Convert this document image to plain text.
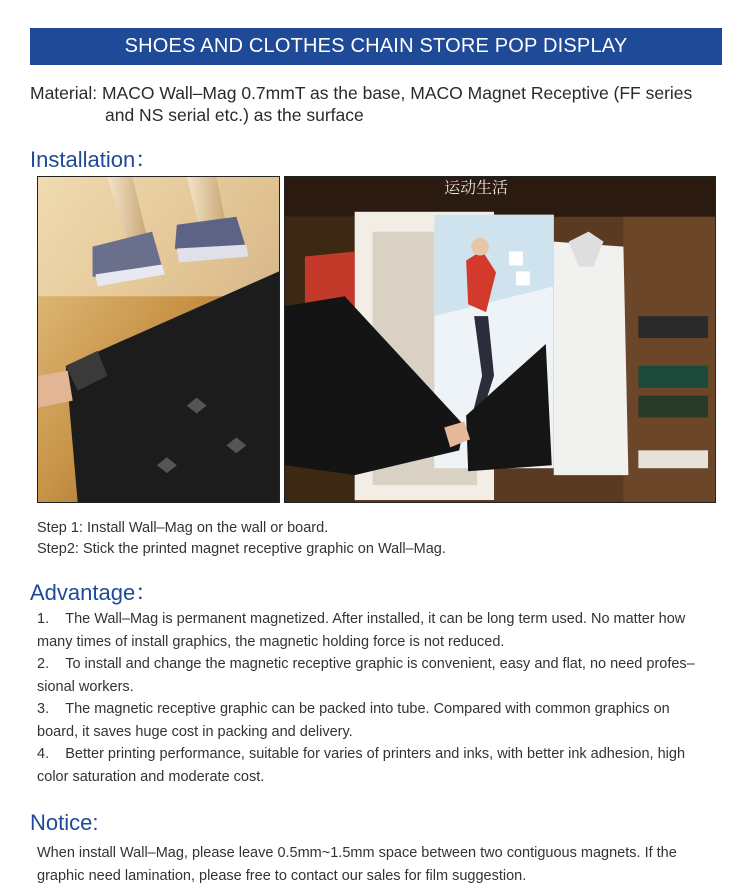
SHOES AND CLOTHES CHAIN STORE POP DISPLAY
Material: MACO Wall–Mag 0.7mmT as the base, MACO Magnet Receptive (FF series
and NS serial etc.) as the surface
Installation：
运动生活
Step 1: Install Wall–Mag on the wall or board.
Step2: Stick the printed magnet receptive graphic on Wall–Mag.
Advantage：

1.    The Wall–Mag is permanent magnetized. After installed, it can be long term used. No matter how

many times of install graphics, the magnetic holding force is not reduced.

2.    To install and change the magnetic receptive graphic is convenient, easy and flat, no need profes–

sional workers.

3.    The magnetic receptive graphic can be packed into tube. Compared with common graphics on

board, it saves huge cost in packing and delivery.

4.    Better printing performance, suitable for varies of printers and inks, with better ink adhesion, high

color saturation and moderate cost.

Notice:
When install Wall–Mag, please leave 0.5mm~1.5mm space between two contiguous magnets. If the
graphic need lamination, please free to contact our sales for film suggestion.
